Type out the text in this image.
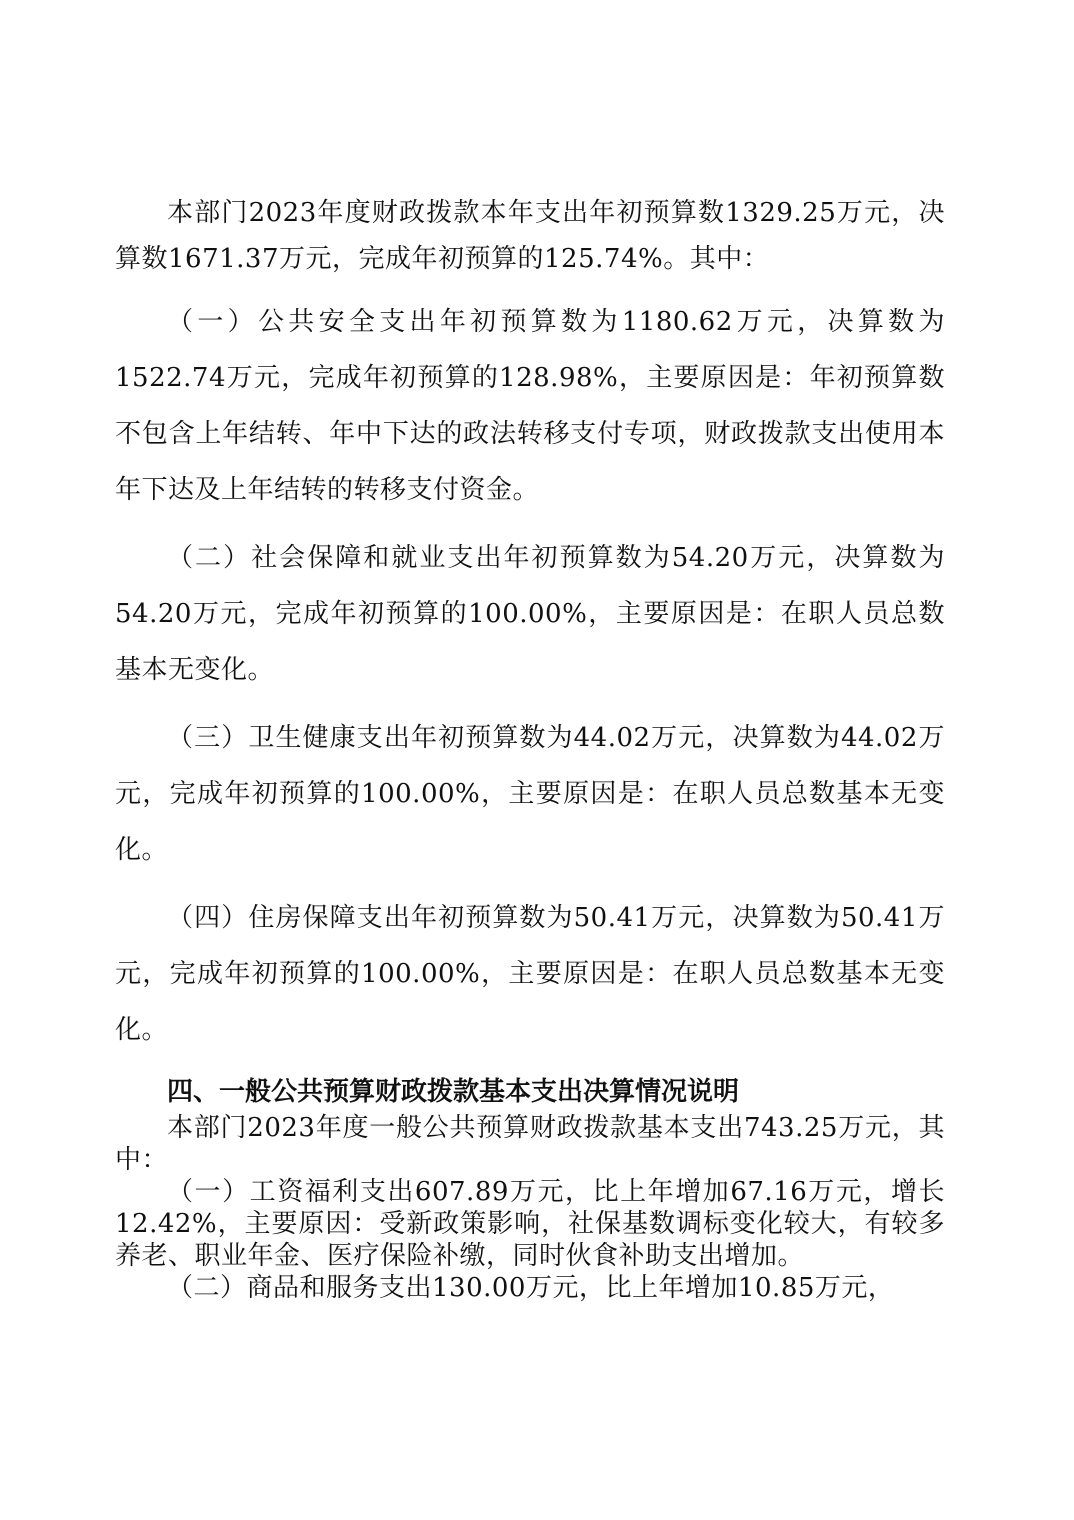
本部门2023年度财政拨款本年支出年初预算数1329.25万元，决算数1671.37万元，完成年初预算的125.74%。其中：

（一）公共安全支出年初预算数为1180.62万元，决算数为1522.74万元，完成年初预算的128.98%，主要原因是：年初预算数不包含上年结转、年中下达的政法转移支付专项，财政拨款支出使用本年下达及上年结转的转移支付资金。

（二）社会保障和就业支出年初预算数为54.20万元，决算数为54.20万元，完成年初预算的100.00%，主要原因是：在职人员总数基本无变化。

（三）卫生健康支出年初预算数为44.02万元，决算数为44.02万元，完成年初预算的100.00%，主要原因是：在职人员总数基本无变化。

（四）住房保障支出年初预算数为50.41万元，决算数为50.41万元，完成年初预算的100.00%，主要原因是：在职人员总数基本无变化。

四、一般公共预算财政拨款基本支出决算情况说明

本部门2023年度一般公共预算财政拨款基本支出743.25万元，其中：

（一）工资福利支出607.89万元，比上年增加67.16万元，增长12.42%，主要原因：受新政策影响，社保基数调标变化较大，有较多养老、职业年金、医疗保险补缴，同时伙食补助支出增加。

（二）商品和服务支出130.00万元，比上年增加10.85万元，
